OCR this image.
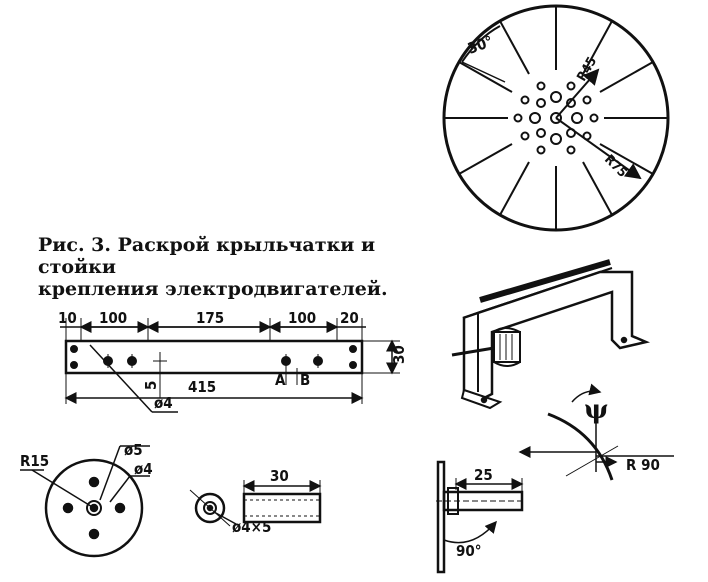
30°
R45
R75
10 100	175	100 20
30
415
5	A B
ø4	ψ
R 90
R15
ø5
ø4	30
ø4×5
25
90°
Рис. 3. Раскрой крыльчатки и стойки
крепления электродвигателей.
